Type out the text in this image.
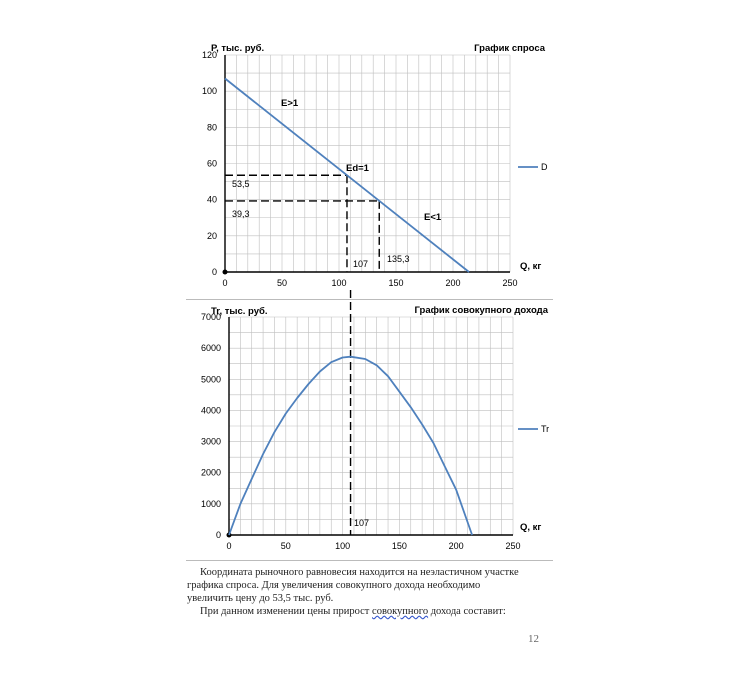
0	50	100	150	200	250
0
20
40
60
80
100
120
P, тыс. руб.	График спроса
Q, кг
E>1
Ed=1
E<1
53,5
39,3
107 135,3
D
0	50	100	150	200	250
0
1000
2000
3000
4000
5000
6000
7000
Tr, тыс. руб.	График совокупного дохода
Q, кг
107
Tr
Координата рыночного равновесия находится на неэластичном участке
графика спроса. Для увеличения совокупного дохода необходимо
увеличить цену до 53,5 тыс. руб.
При данном изменении цены прирост совокупного дохода составит:
12
